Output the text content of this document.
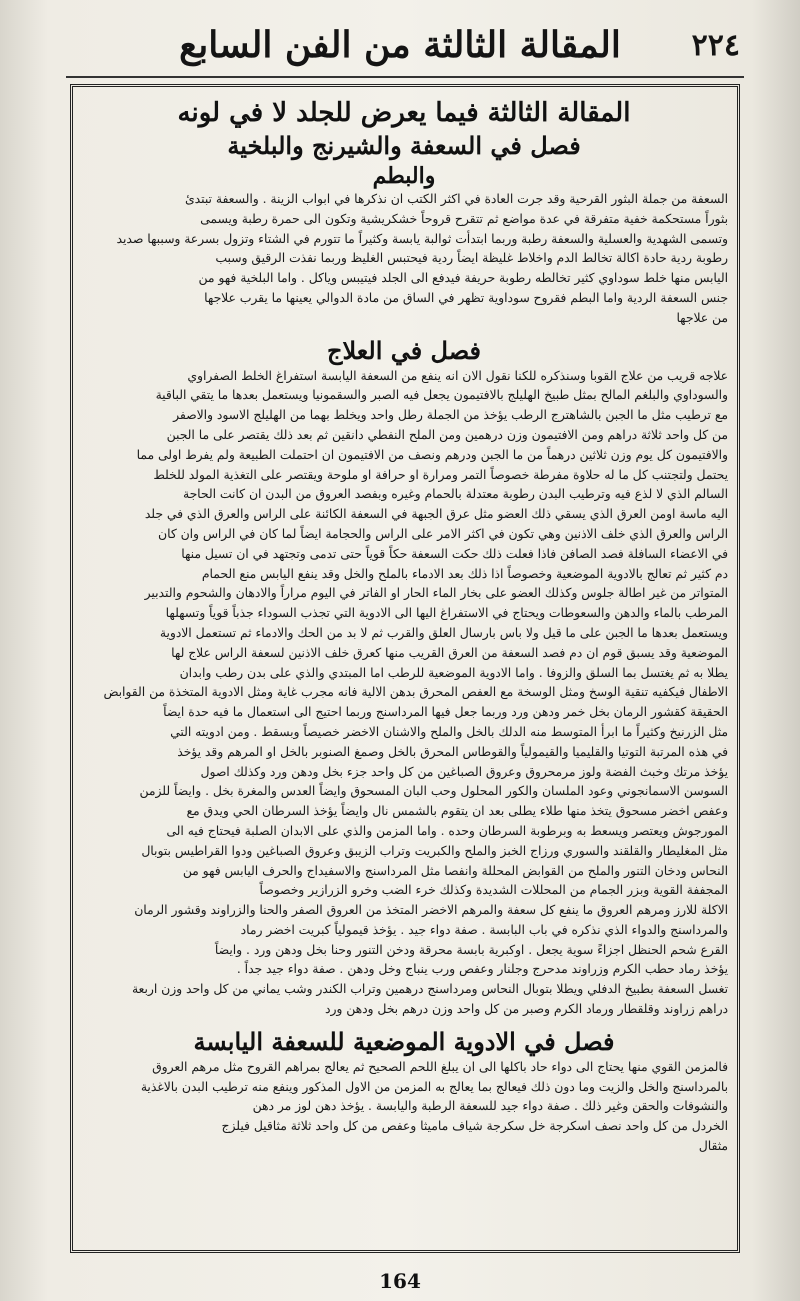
٢٢٤
المقالة الثالثة من الفن السابع
المقالة الثالثة فيما يعرض للجلد لا في لونه
فصل في السعفة والشيرنج والبلخية
والبطم
السعفة من جملة البثور القرحية وقد جرت العادة في اكثر الكتب ان نذكرها في ابواب الزينة . والسعفة تبتدئ
بثوراً مستحكمة خفية متفرقة في عدة مواضع ثم تتقرح قروحاً خشكريشية وتكون الى حمرة رطبة ويسمى
وتسمى الشهدية والعسلية والسعفة رطبة وربما ابتدأت ثوالبة يابسة وكثيراً ما تتورم في الشتاء وتزول بسرعة وسببها صديد
رطوبة ردية حادة اكالة تخالط الدم واخلاط غليظة ايضاً ردية فيحتبس الغليظ وربما نفذت الرقيق وسبب
اليابس منها خلط سوداوي كثير تخالطه رطوبة حريفة فيدفع الى الجلد فيتيبس وياكل . واما البلخية فهو من
جنس السعفة الردية واما البطم فقروح سوداوية تظهر في الساق من مادة الدوالي يعينها ما يقرب علاجها
من علاجها
فصل في العلاج
علاجه قريب من علاج القوبا وسنذكره للكنا نقول الان انه ينفع من السعفة اليابسة استفراغ الخلط الصفراوي
والسوداوي والبلغم المالح بمثل طبيخ الهليلج بالافتيمون يجعل فيه الصبر والسقمونيا ويستعمل بعدها ما يتقي الباقية
مع ترطيب مثل ما الجبن بالشاهترج الرطب يؤخذ من الجملة رطل واحد ويخلط بهما من الهليلج الاسود والاصفر
من كل واحد ثلاثة دراهم ومن الافتيمون وزن درهمين ومن الملح النفطي دانقين ثم بعد ذلك يقتصر على ما الجبن
والافتيمون كل يوم وزن ثلاثين درهماً من ما الجبن ودرهم ونصف من الافتيمون ان احتملت الطبيعة ولم يفرط اولى مما
يحتمل ولتجتنب كل ما له حلاوة مفرطة خصوصاً التمر ومرارة او حرافة او ملوحة ويقتصر على التغذية المولد للخلط
السالم الذي لا لذع فيه وترطيب البدن رطوبة معتدلة بالحمام وغيره وبفصد العروق من البدن ان كانت الحاجة
اليه ماسة اومن العرق الذي يسقي ذلك العضو مثل عرق الجبهة في السعفة الكائنة على الراس والعرق الذي في جلد
الراس والعرق الذي خلف الاذنين وهي تكون في اكثر الامر على الراس والحجامة ايضاً لما كان في الراس وان كان
في الاعضاء السافلة فصد الصافن فاذا فعلت ذلك حكت السعفة حكاً قوياً حتى تدمى وتجتهد في ان تسيل منها
دم كثير ثم تعالج بالادوية الموضعية وخصوصاً اذا ذلك بعد الادماء بالملح والخل وقد ينفع اليابس منع الحمام
المتواتر من غير اطالة جلوس وكذلك العضو على بخار الماء الحار او الفاتر في اليوم مراراً والادهان والشحوم والتدبير
المرطب بالماء والدهن والسعوطات ويحتاج في الاستفراغ اليها الى الادوية التي تجذب السوداء جذباً قوياً وتسهلها
ويستعمل بعدها ما الجبن على ما قيل ولا باس بارسال العلق والقرب ثم لا بد من الحك والادماء ثم تستعمل الادوية
الموضعية وقد يسبق قوم ان دم فصد السعفة من العرق القريب منها كعرق خلف الاذنين لسعفة الراس علاج لها
يطلا به ثم يغتسل بما السلق والزوفا . واما الادوية الموضعية للرطب اما المبتدي والذي على بدن رطب وابدان
الاطفال فيكفيه تنقية الوسخ ومثل الوسخة مع العفص المحرق بدهن الالية فانه مجرب غاية ومثل الادوية المتخذة من القوابض
الحقيقة كقشور الرمان بخل خمر ودهن ورد وربما جعل فيها المرداسنج وربما احتيج الى استعمال ما فيه حدة ايضاً
مثل الزرنيخ وكثيراً ما ابرأ المتوسط منه الدلك بالخل والملح والاشنان الاخضر خصيصاً وبسقط . ومن ادويته التي
في هذه المرتبة التوتيا والقليميا والقيمولياً والقوطاس المحرق بالخل وصمغ الصنوبر بالخل او المرهم وقد يؤخذ
يؤخذ مرتك وخبث الفضة ولوز مرمحروق وعروق الصباغين من كل واحد جزء بخل ودهن ورد وكذلك اصول
السوسن الاسمانجوني وعود الملسان والكور المحلول وحب البان المسحوق وايضاً العدس والمغرة بخل . وايضاً للزمن
وعفص اخضر مسحوق يتخذ منها طلاء يطلى بعد ان يتقوم بالشمس نال وايضاً يؤخذ السرطان الحي ويدق مع
المورجوش ويعتصر ويسعط به وبرطوبة السرطان وحده . واما المزمن والذي على الابدان الصلبة فيحتاج فيه الى
مثل المغليطار والقلقند والسوري ورزاج الخبز والملح والكبريت وتراب الزيبق وعروق الصباغين ودوا القراطيس بتوبال
النحاس ودخان التنور والملح من القوابض المحللة وانفصا مثل المرداسنج والاسفيداج والحرف اليابس فهو من
المجففة القوية وبزر الجمام من المحللات الشديدة وكذلك خرء الضب وخرو الزرازير وخصوصاً
الاكلة للارز ومرهم العروق ما ينفع كل سعفة والمرهم الاخضر المتخذ من العروق الصفر والحنا والزراوند وقشور الرمان
والمرداسنج والدواء الذي نذكره في باب البابسة . صفة دواء جيد . يؤخذ قيمولياً كبريت اخضر رماد
القرع شحم الحنظل اجزاءً سوية يجعل . اوكبرية بابسة محرقة ودخن التنور وحنا بخل ودهن ورد . وايضاً
يؤخذ رماد حطب الكرم وزراوند مدحرج وجلنار وعفص ورب ينباج وخل ودهن . صفة دواء جيد جداً .
تغسل السعفة بطبيخ الدفلي ويطلا بتوبال النحاس ومرداسنج درهمين وتراب الكندر وشب يماني من كل واحد وزن اربعة
دراهم زراوند وقلقطار ورماد الكرم وصبر من كل واحد وزن درهم بخل ودهن ورد
فصل في الادوية الموضعية للسعفة اليابسة
فالمزمن القوي منها يحتاج الى دواء حاد باكلها الى ان يبلغ اللحم الصحيح ثم يعالج بمراهم القروح مثل مرهم العروق
بالمرداسنج والخل والزيت وما دون ذلك فيعالج بما يعالج به المزمن من الاول المذكور وينفع منه ترطيب البدن بالاغذية
والنشوفات والحقن وغير ذلك . صفة دواء جيد للسعفة الرطبة واليابسة . يؤخذ دهن لوز مر دهن
الخردل من كل واحد نصف اسكرجة خل سكرجة شياف ماميثا وعفص من كل واحد ثلاثة مثاقيل فيلزج
مثقال
164
